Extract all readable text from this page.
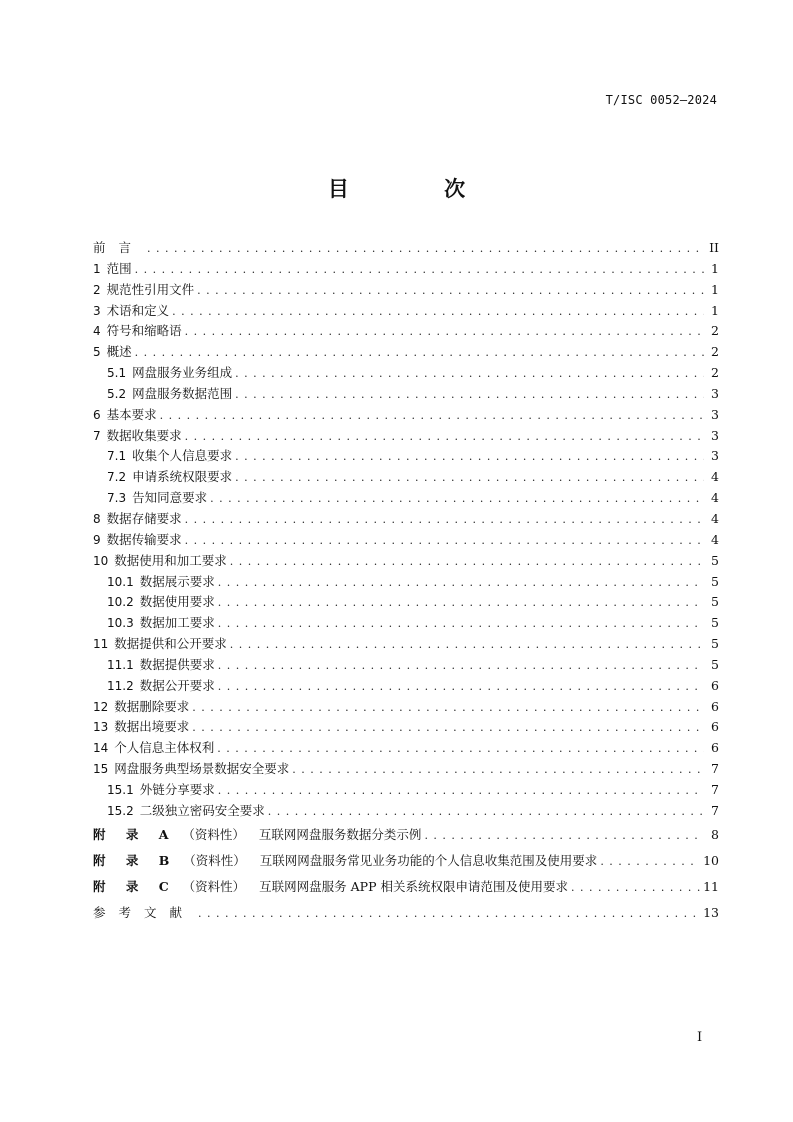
T/ISC 0052—2024
目 次
前言 . . .	II
1 范围 . . .	1
2 规范性引用文件 . . .	1
3 术语和定义 . . .	1
4 符号和缩略语 . . .	2
5 概述 . . .	2
5.1 网盘服务业务组成 . . .	2
5.2 网盘服务数据范围 . . .	3
6 基本要求 . . .	3
7 数据收集要求 . . .	3
7.1 收集个人信息要求 . . .	3
7.2 申请系统权限要求 . . .	4
7.3 告知同意要求 . . .	4
8 数据存储要求 . . .	4
9 数据传输要求 . . .	4
10 数据使用和加工要求 . . .	5
10.1 数据展示要求 . . .	5
10.2 数据使用要求 . . .	5
10.3 数据加工要求 . . .	5
11 数据提供和公开要求 . . .	5
11.1 数据提供要求 . . .	5
11.2 数据公开要求 . . .	6
12 数据删除要求 . . .	6
13 数据出境要求 . . .	6
14 个人信息主体权利 . . .	6
15 网盘服务典型场景数据安全要求 . . .	7
15.1 外链分享要求 . . .	7
15.2 二级独立密码安全要求 . . .	7
附 录 A （资料性） 互联网网盘服务数据分类示例 . . .	8
附 录 B （资料性） 互联网网盘服务常见业务功能的个人信息收集范围及使用要求 . . .	10
附 录 C （资料性） 互联网网盘服务 APP 相关系统权限申请范围及使用要求 . . .	11
参考文献 . . .	13
I
